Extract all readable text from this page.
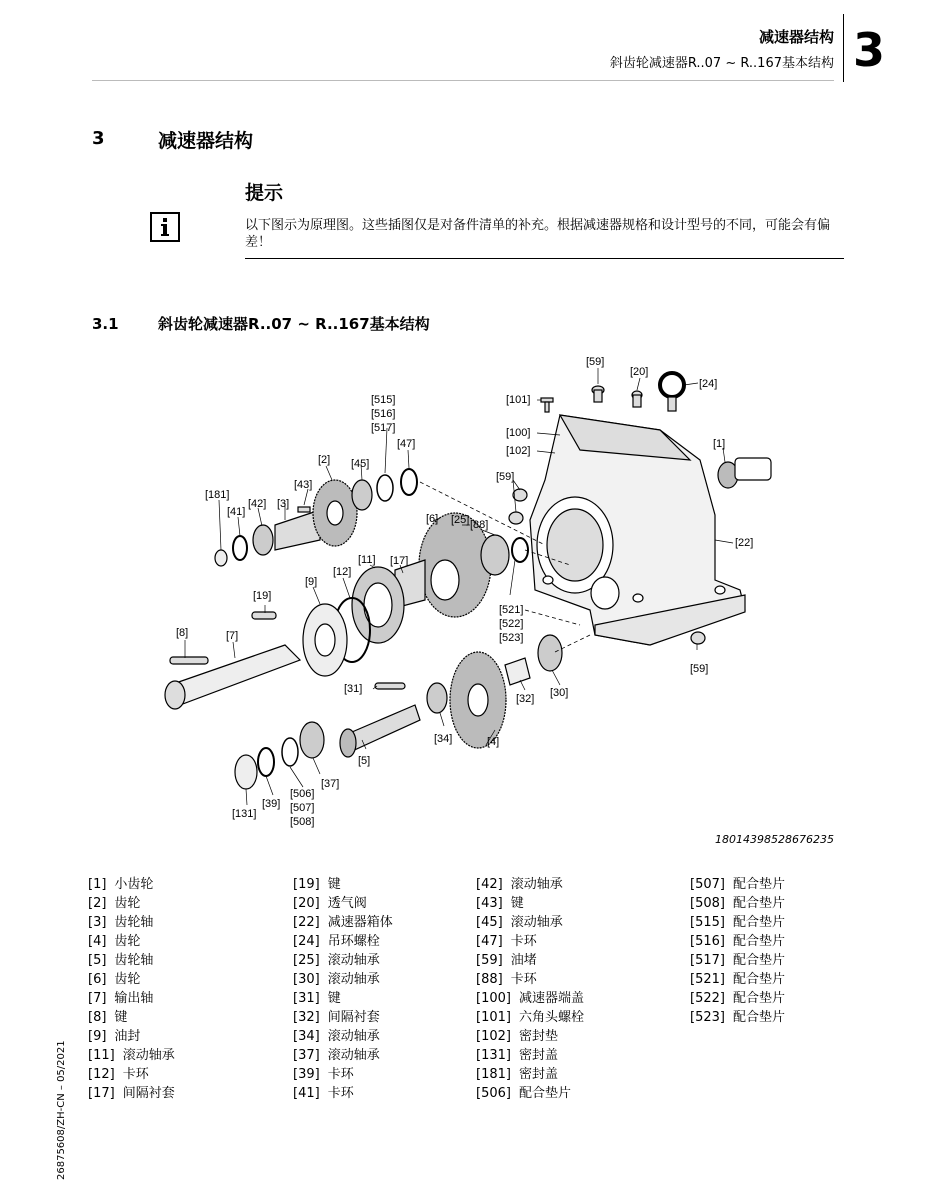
减速器结构
斜齿轮减速器R..07 ~ R..167基本结构 3
3	减速器结构
提示
以下图示为原理图。这些插图仅是对备件清单的补充。根据减速器规格和设计型号的不同，可能会有偏差！
3.1	斜齿轮减速器R..07 ~ R..167基本结构
[59]
[20]
[24]
[101]
[515]
[516]
[517]	[100]
[47]
[102]
[1]
[2] [45]
[59]
[43]
[181]
[42] [3]
[41]
[6] [25] [88]
[22]
[11] [17]
[19]
[9]
[12]
[521]
[522]
[523]
[8]	[7]
[59]
[31]
[32] [30]
[34]	[4]
[5]
[37]
[506]
[507]
[508]
[39]
[131]
18014398528676235
[1] 小齿轮
[2] 齿轮
[3] 齿轮轴
[4] 齿轮
[5] 齿轮轴
[6] 齿轮
[7] 输出轴
[8] 键
[9] 油封
[11] 滚动轴承
[12] 卡环
[17] 间隔衬套
[19] 键
[20] 透气阀
[22] 减速器箱体
[24] 吊环螺栓
[25] 滚动轴承
[30] 滚动轴承
[31] 键
[32] 间隔衬套
[34] 滚动轴承
[37] 滚动轴承
[39] 卡环
[41] 卡环
[42] 滚动轴承
[43] 键
[45] 滚动轴承
[47] 卡环
[59] 油堵
[88] 卡环
[100] 减速器端盖
[101] 六角头螺栓
[102] 密封垫
[131] 密封盖
[181] 密封盖
[506] 配合垫片
[507] 配合垫片
[508] 配合垫片
[515] 配合垫片
[516] 配合垫片
[517] 配合垫片
[521] 配合垫片
[522] 配合垫片
[523] 配合垫片
26875608/ZH-CN – 05/2021
